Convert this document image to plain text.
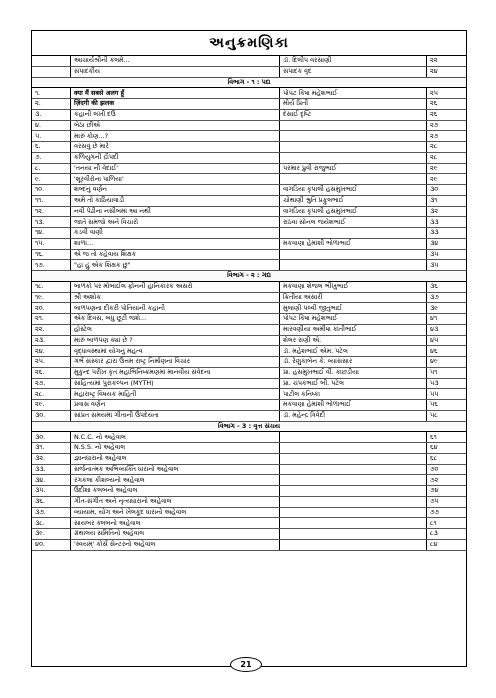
અનુક્રમણિકા
	આચાર્યશ્રીની કલમે...	ડૉ. દિલીપ વરસાણી	૨૨
	સંપાદકીય	સંપાદક વૃંદ	૨૪
વિભાગ - ૧ : પદ્ય			
૧.	क्या मैं सबसे अलग हूँ	પોપટ કિંષા મહેશભાઈ	૨૫
૨.	ज़िंदगी की झलक	મૌર્ય પ્રિતી	૨૬
૩.	કહાની લખી દઉં	દેસાઈ દૃષ્ટિ	૨૬
૪.	બેઠા છીએ		૨૭
૫.	મારું કોણ...?		૨૭
૬.	વરસવું છે મારે		૨૮
૭.	કળિયુગની દ્રૌપદી		૨૮
૮.	'તનયા ની વેદાઈ'	પરમાર પ્રુવી રાજુભાઈ	૨૯
૯.	'શૂરવીરોના પાળિયા'		૨૯
૧૦.	શબ્દનું વર્ણન	વાગડિયા કૃપાલી હસમુખભાઈ	૩૦
૧૧.	અમે તો કાઠિયાવાડી	ચોથાણી શ્રુતિ પ્રફુલભાઈ	૩૧
૧૨.	નવી પેઢીના નસીબમાં આ નથી	વાગડિયા કૃપાલી હસમુખભાઈ	૩૨
૧૩.	જાતે સમજો અને વિચારો	રાઠવા સોનલ જયેશભાઈ	૩૩
૧૪.	કડવી વાણી		૩૩
૧૫.	શાળા...	મકવાણા હેમાંશી ભોળાભાઈ	૩૪
૧૬.	એ જ તો કહેવાય શિક્ષક		૩૫
૧૭.	"હા હું એક શિક્ષક છું"		૩૫
વિભાગ - ૨ : ગદ્ય			
૧૮.	બાળકો પર મોબાઈલ ફોનની હાનિકારક અસરો	મકવાણા શેજલ ભીખુભાઈ	૩૬
૧૯.	શ્રી અશોક	ક્રિતીયા અંસારી	૩૭
૨૦.	બાળપણના દીકરી પોતિયાની કહાની	મુલાણી પલ્વી જીતુભાઈ	૩૯
૨૧.	એક દિવસ, બધુ છૂટી જશે...	પોપટ કિંષા મહેશભાઈ	૪૧
૨૨.	હોસ્ટેલ	મારવણીયા અમીષા કાંતીભાઈ	૪૩
૨૩.	મારું બાળપણ ક્યાં છે ?	શેલર રાણી એ.	૪૫
૨૪.	વૃદ્ધાવસ્થામાં યોગનું મહત્વ	ડૉ. મહેશભાઈ એમ. પટેલ	૪૬
૨૫.	ગર્ભ સંસ્કાર દ્વારા ઉત્તમ રાષ્ટ્ર નિર્માણના વિચાર	ડૉ. રેણુકાબેન કે. વ્યાસસાર	૪૯
૨૬.	મુકુન્દ પરીખ કૃત મહાભિનિષ્ક્રમણમાં માનવીય સંવેદના	પ્રા. હસમુખભાઈ વી. કાછડીયા	૫૧
૨૭.	સાહિત્યમાં પુરાકલ્પન (MYTH)	પ્રા. ચંપકભાઈ બી. પટેલ	૫૩
૨૮.	મહારાષ્ટ્ર વિષયક માહિતી	પાટીલ કનિષ્કા	૫૫
૨૯.	પ્રવાસ વર્ણન	મકવાણા હેમાંશી ભોળાભાઈ	૫૬
૩૦.	સાંપ્રત સમયમાં ગીતાની ઉપદેયતા	ડૉ. મહેન્દ્ર ત્રિવેદી	૫૮
વિભાગ - 3 : વૃત્ત સંચય			
૩૦.	N.C.C. નો અહેવાલ		૬૧
૩૧.	N.S.S. નો અહેવાલ		૬૪
૩૨.	જ્ઞાનધારાનો અહેવાલ		૬૮
૩૩.	સર્જનાત્મક અભિવ્યક્તિ ધારાનો અહેવાલ		૭૦
૩૪.	રંગકલા કૌશલ્યનો અહેવાલ		૭૨
૩૫.	ઉદીશા કલબનો અહેવાલ		૭૪
૩૬.	ગીત-સંગીત અને નૃત્યધારાનો અહેવાલ		૭૫
૩૭.	વ્યાયામ, યોગ અને ખેલકૂદ ધારાનો અહેવાલ		૭૭
૩૮.	સાયબર ક્લબનો અહેવાલ		૮૧
૩૯.	ગ્રંથાલય સમિતિનો અહેવાલ		૮૩
૪૦.	'સ્વયમ્' કોર્સ સેન્ટરનો અહેવાલ		૮૪
21
